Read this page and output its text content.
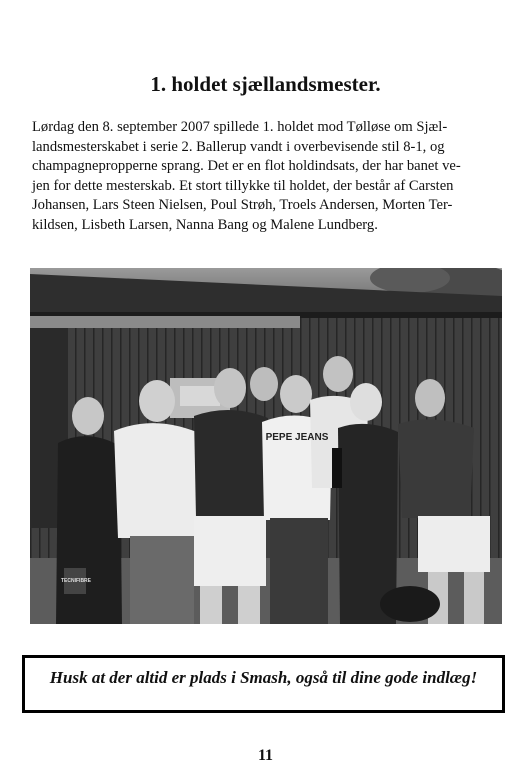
1. holdet sjællandsmester.
Lørdag den 8. september 2007 spillede 1. holdet mod Tølløse om Sjæl-
landsmesterskabet i serie 2. Ballerup vandt i overbevisende stil 8-1, og
champagnepropperne sprang. Det er en flot holdindsats, der har banet ve-
jen for dette mesterskab. Et stort tillykke til holdet, der består af Carsten
Johansen, Lars Steen Nielsen, Poul Strøh, Troels Andersen, Morten Ter-
kildsen, Lisbeth Larsen, Nanna Bang og Malene Lundberg.
PEPE JEANS
TECNIFIBRE

Husk at der altid er plads i Smash, også til dine gode indlæg!

11
